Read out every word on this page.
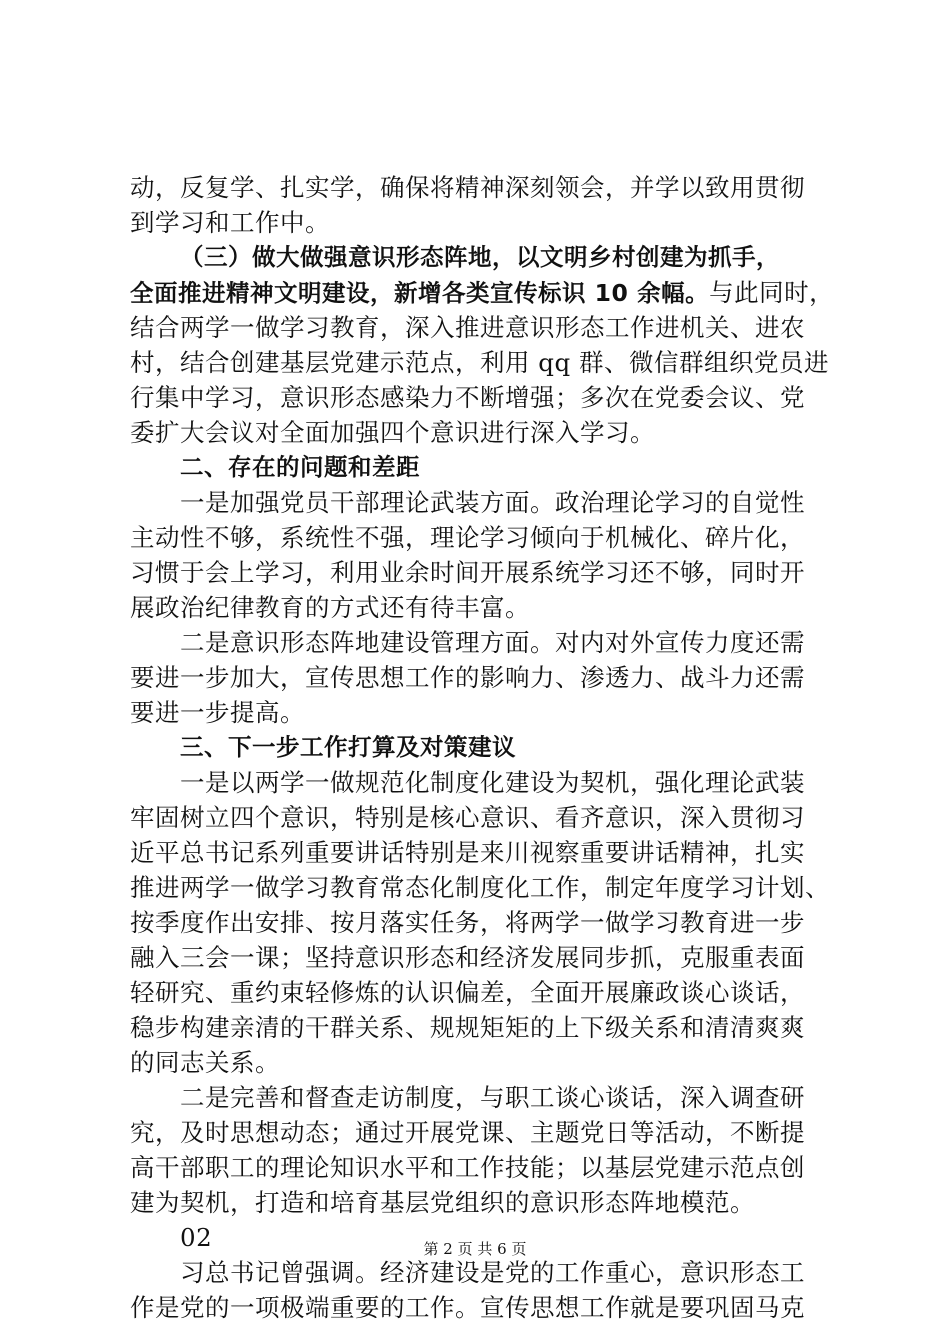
动，反复学、扎实学，确保将精神深刻领会，并学以致用贯彻
到学习和工作中。
（三）做大做强意识形态阵地，以文明乡村创建为抓手，
全面推进精神文明建设，新增各类宣传标识 10 余幅。与此同时，
结合两学一做学习教育，深入推进意识形态工作进机关、进农
村，结合创建基层党建示范点，利用 qq 群、微信群组织党员进
行集中学习，意识形态感染力不断增强；多次在党委会议、党
委扩大会议对全面加强四个意识进行深入学习。
二、存在的问题和差距
一是加强党员干部理论武装方面。政治理论学习的自觉性
主动性不够，系统性不强，理论学习倾向于机械化、碎片化，
习惯于会上学习，利用业余时间开展系统学习还不够，同时开
展政治纪律教育的方式还有待丰富。
二是意识形态阵地建设管理方面。对内对外宣传力度还需
要进一步加大，宣传思想工作的影响力、渗透力、战斗力还需
要进一步提高。
三、下一步工作打算及对策建议
一是以两学一做规范化制度化建设为契机，强化理论武装
牢固树立四个意识，特别是核心意识、看齐意识，深入贯彻习
近平总书记系列重要讲话特别是来川视察重要讲话精神，扎实
推进两学一做学习教育常态化制度化工作，制定年度学习计划、
按季度作出安排、按月落实任务，将两学一做学习教育进一步
融入三会一课；坚持意识形态和经济发展同步抓，克服重表面
轻研究、重约束轻修炼的认识偏差，全面开展廉政谈心谈话，
稳步构建亲清的干群关系、规规矩矩的上下级关系和清清爽爽
的同志关系。
二是完善和督查走访制度，与职工谈心谈话，深入调查研
究，及时思想动态；通过开展党课、主题党日等活动，不断提
高干部职工的理论知识水平和工作技能；以基层党建示范点创
建为契机，打造和培育基层党组织的意识形态阵地模范。
02
习总书记曾强调。经济建设是党的工作重心，意识形态工
作是党的一项极端重要的工作。宣传思想工作就是要巩固马克
第 2 页 共 6 页
